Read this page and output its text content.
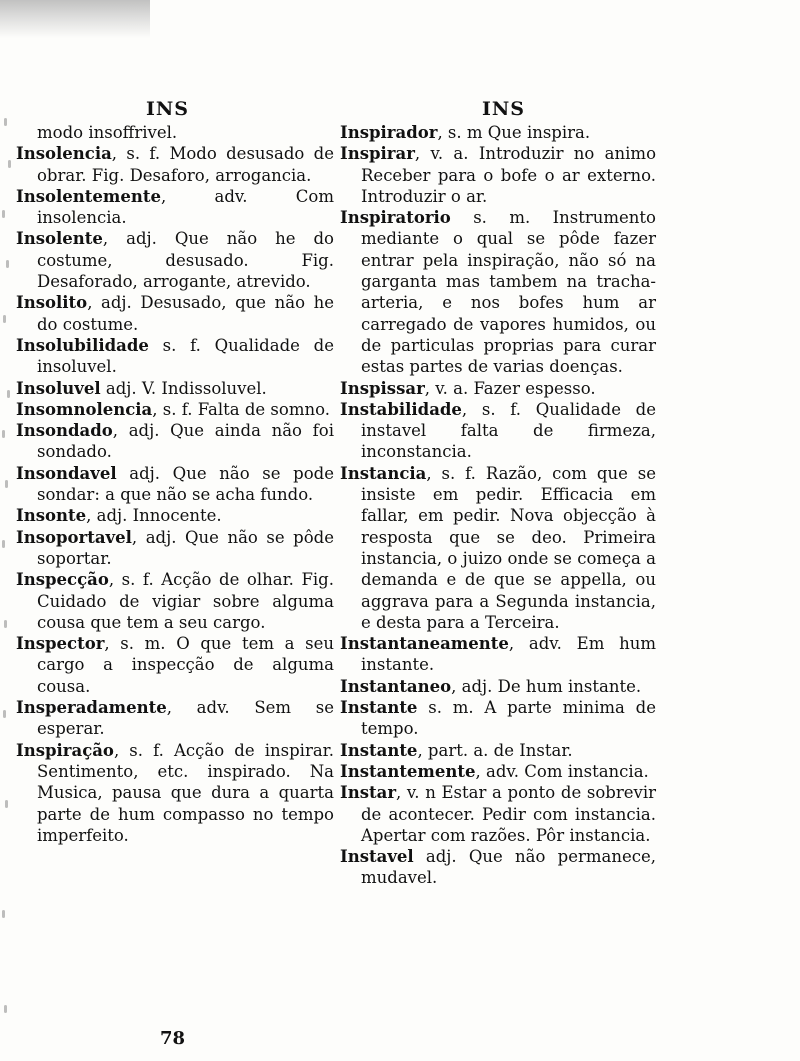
INS

modo insoffrivel.

Insolencia, s. f. Modo desusado de obrar. Fig. Desaforo, arrogancia.

Insolentemente, adv. Com insolencia.

Insolente, adj. Que não he do costume, desusado. Fig. Desaforado, arrogante, atrevido.

Insolito, adj. Desusado, que não he do costume.

Insolubilidade s. f. Qualidade de insoluvel.

Insoluvel adj. V. Indissoluvel.

Insomnolencia, s. f. Falta de somno.

Insondado, adj. Que ainda não foi sondado.

Insondavel adj. Que não se pode sondar: a que não se acha fundo.

Insonte, adj. Innocente.

Insoportavel, adj. Que não se pôde soportar.

Inspecção, s. f. Acção de olhar. Fig. Cuidado de vigiar sobre alguma cousa que tem a seu cargo.

Inspector, s. m. O que tem a seu cargo a inspecção de alguma cousa.

Insperadamente, adv. Sem se esperar.

Inspiração, s. f. Acção de inspirar. Sentimento, etc. inspirado. Na Musica, pausa que dura a quarta parte de hum compasso no tempo imperfeito.

INS

Inspirador, s. m Que inspira.

Inspirar, v. a. Introduzir no animo Receber para o bofe o ar externo. Introduzir o ar.

Inspiratorio s. m. Instrumento mediante o qual se pôde fazer entrar pela inspiração, não só na garganta mas tambem na tracha-arteria, e nos bofes hum ar carregado de vapores humidos, ou de particulas proprias para curar estas partes de varias doenças.

Inspissar, v. a. Fazer espesso.

Instabilidade, s. f. Qualidade de instavel falta de firmeza, inconstancia.

Instancia, s. f. Razão, com que se insiste em pedir. Efficacia em fallar, em pedir. Nova objecção à resposta que se deo. Primeira instancia, o juizo onde se começa a demanda e de que se appella, ou aggrava para a Segunda instancia, e desta para a Terceira.

Instantaneamente, adv. Em hum instante.

Instantaneo, adj. De hum instante.

Instante s. m. A parte minima de tempo.

Instante, part. a. de Instar.

Instantemente, adv. Com instancia.

Instar, v. n Estar a ponto de sobrevir de acontecer. Pedir com instancia. Apertar com razões. Pôr instancia.

Instavel adj. Que não permanece, mudavel.

78
